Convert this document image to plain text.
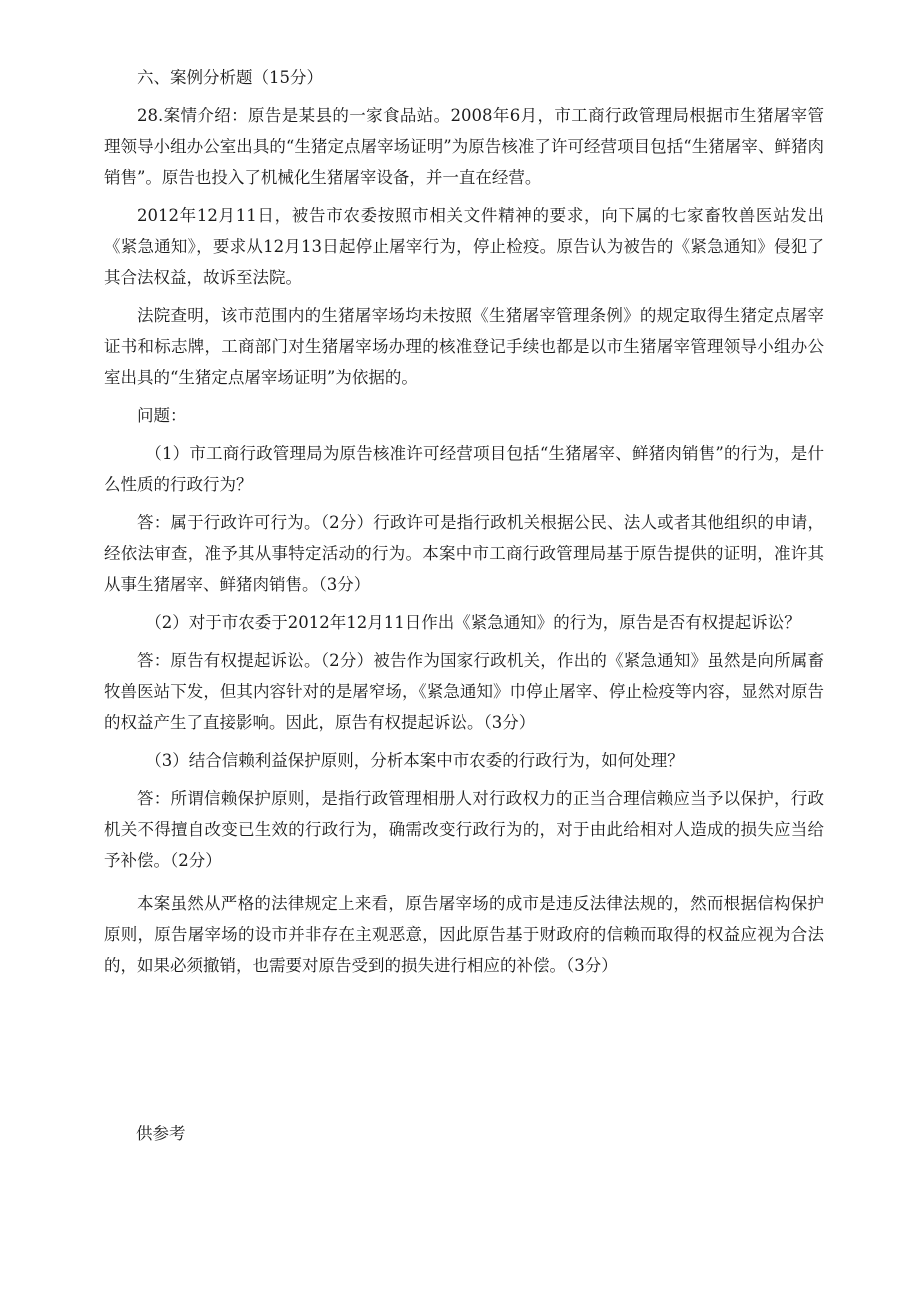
六、案例分析题（15分）

28.案情介绍：原告是某县的一家食品站。2008年6月，市工商行政管理局根据市生猪屠宰管理领导小组办公室出具的“生猪定点屠宰场证明”为原告核准了许可经营项目包括“生猪屠宰、鲜猪肉销售”。原告也投入了机械化生猪屠宰设备，并一直在经营。

2012年12月11日，被告市农委按照市相关文件精神的要求，向下属的七家畜牧兽医站发出《紧急通知》，要求从12月13日起停止屠宰行为，停止检疫。原告认为被告的《紧急通知》侵犯了其合法权益，故诉至法院。

法院查明，该市范围内的生猪屠宰场均未按照《生猪屠宰管理条例》的规定取得生猪定点屠宰证书和标志牌，工商部门对生猪屠宰场办理的核准登记手续也都是以市生猪屠宰管理领导小组办公室出具的“生猪定点屠宰场证明”为依据的。

问题：

（1）市工商行政管理局为原告核准许可经营项目包括“生猪屠宰、鲜猪肉销售”的行为，是什么性质的行政行为？

答：属于行政许可行为。（2分）行政许可是指行政机关根据公民、法人或者其他组织的申请，经依法审查，准予其从事特定活动的行为。本案中市工商行政管理局基于原告提供的证明，准许其从事生猪屠宰、鲜猪肉销售。（3分）

（2）对于市农委于2012年12月11日作出《紧急通知》的行为，原告是否有权提起诉讼？

答：原告有权提起诉讼。（2分）被告作为国家行政机关，作出的《紧急通知》虽然是向所属畜牧兽医站下发，但其内容针对的是屠窄场，《紧急通知》巾停止屠宰、停止检疫等内容，显然对原告的权益产生了直接影响。因此，原告有权提起诉讼。（3分）

（3）结合信赖利益保护原则，分析本案中市农委的行政行为，如何处理？

答：所谓信赖保护原则，是指行政管理相册人对行政权力的正当合理信赖应当予以保护，行政机关不得擅自改变已生效的行政行为，确需改变行政行为的，对于由此给相对人造成的损失应当给予补偿。（2分）

本案虽然从严格的法律规定上来看，原告屠宰场的成市是违反法律法规的，然而根据信构保护原则，原告屠宰场的设市并非存在主观恶意，因此原告基于财政府的信赖而取得的权益应视为合法的，如果必须撤销，也需要对原告受到的损失进行相应的补偿。（3分）

供参考
